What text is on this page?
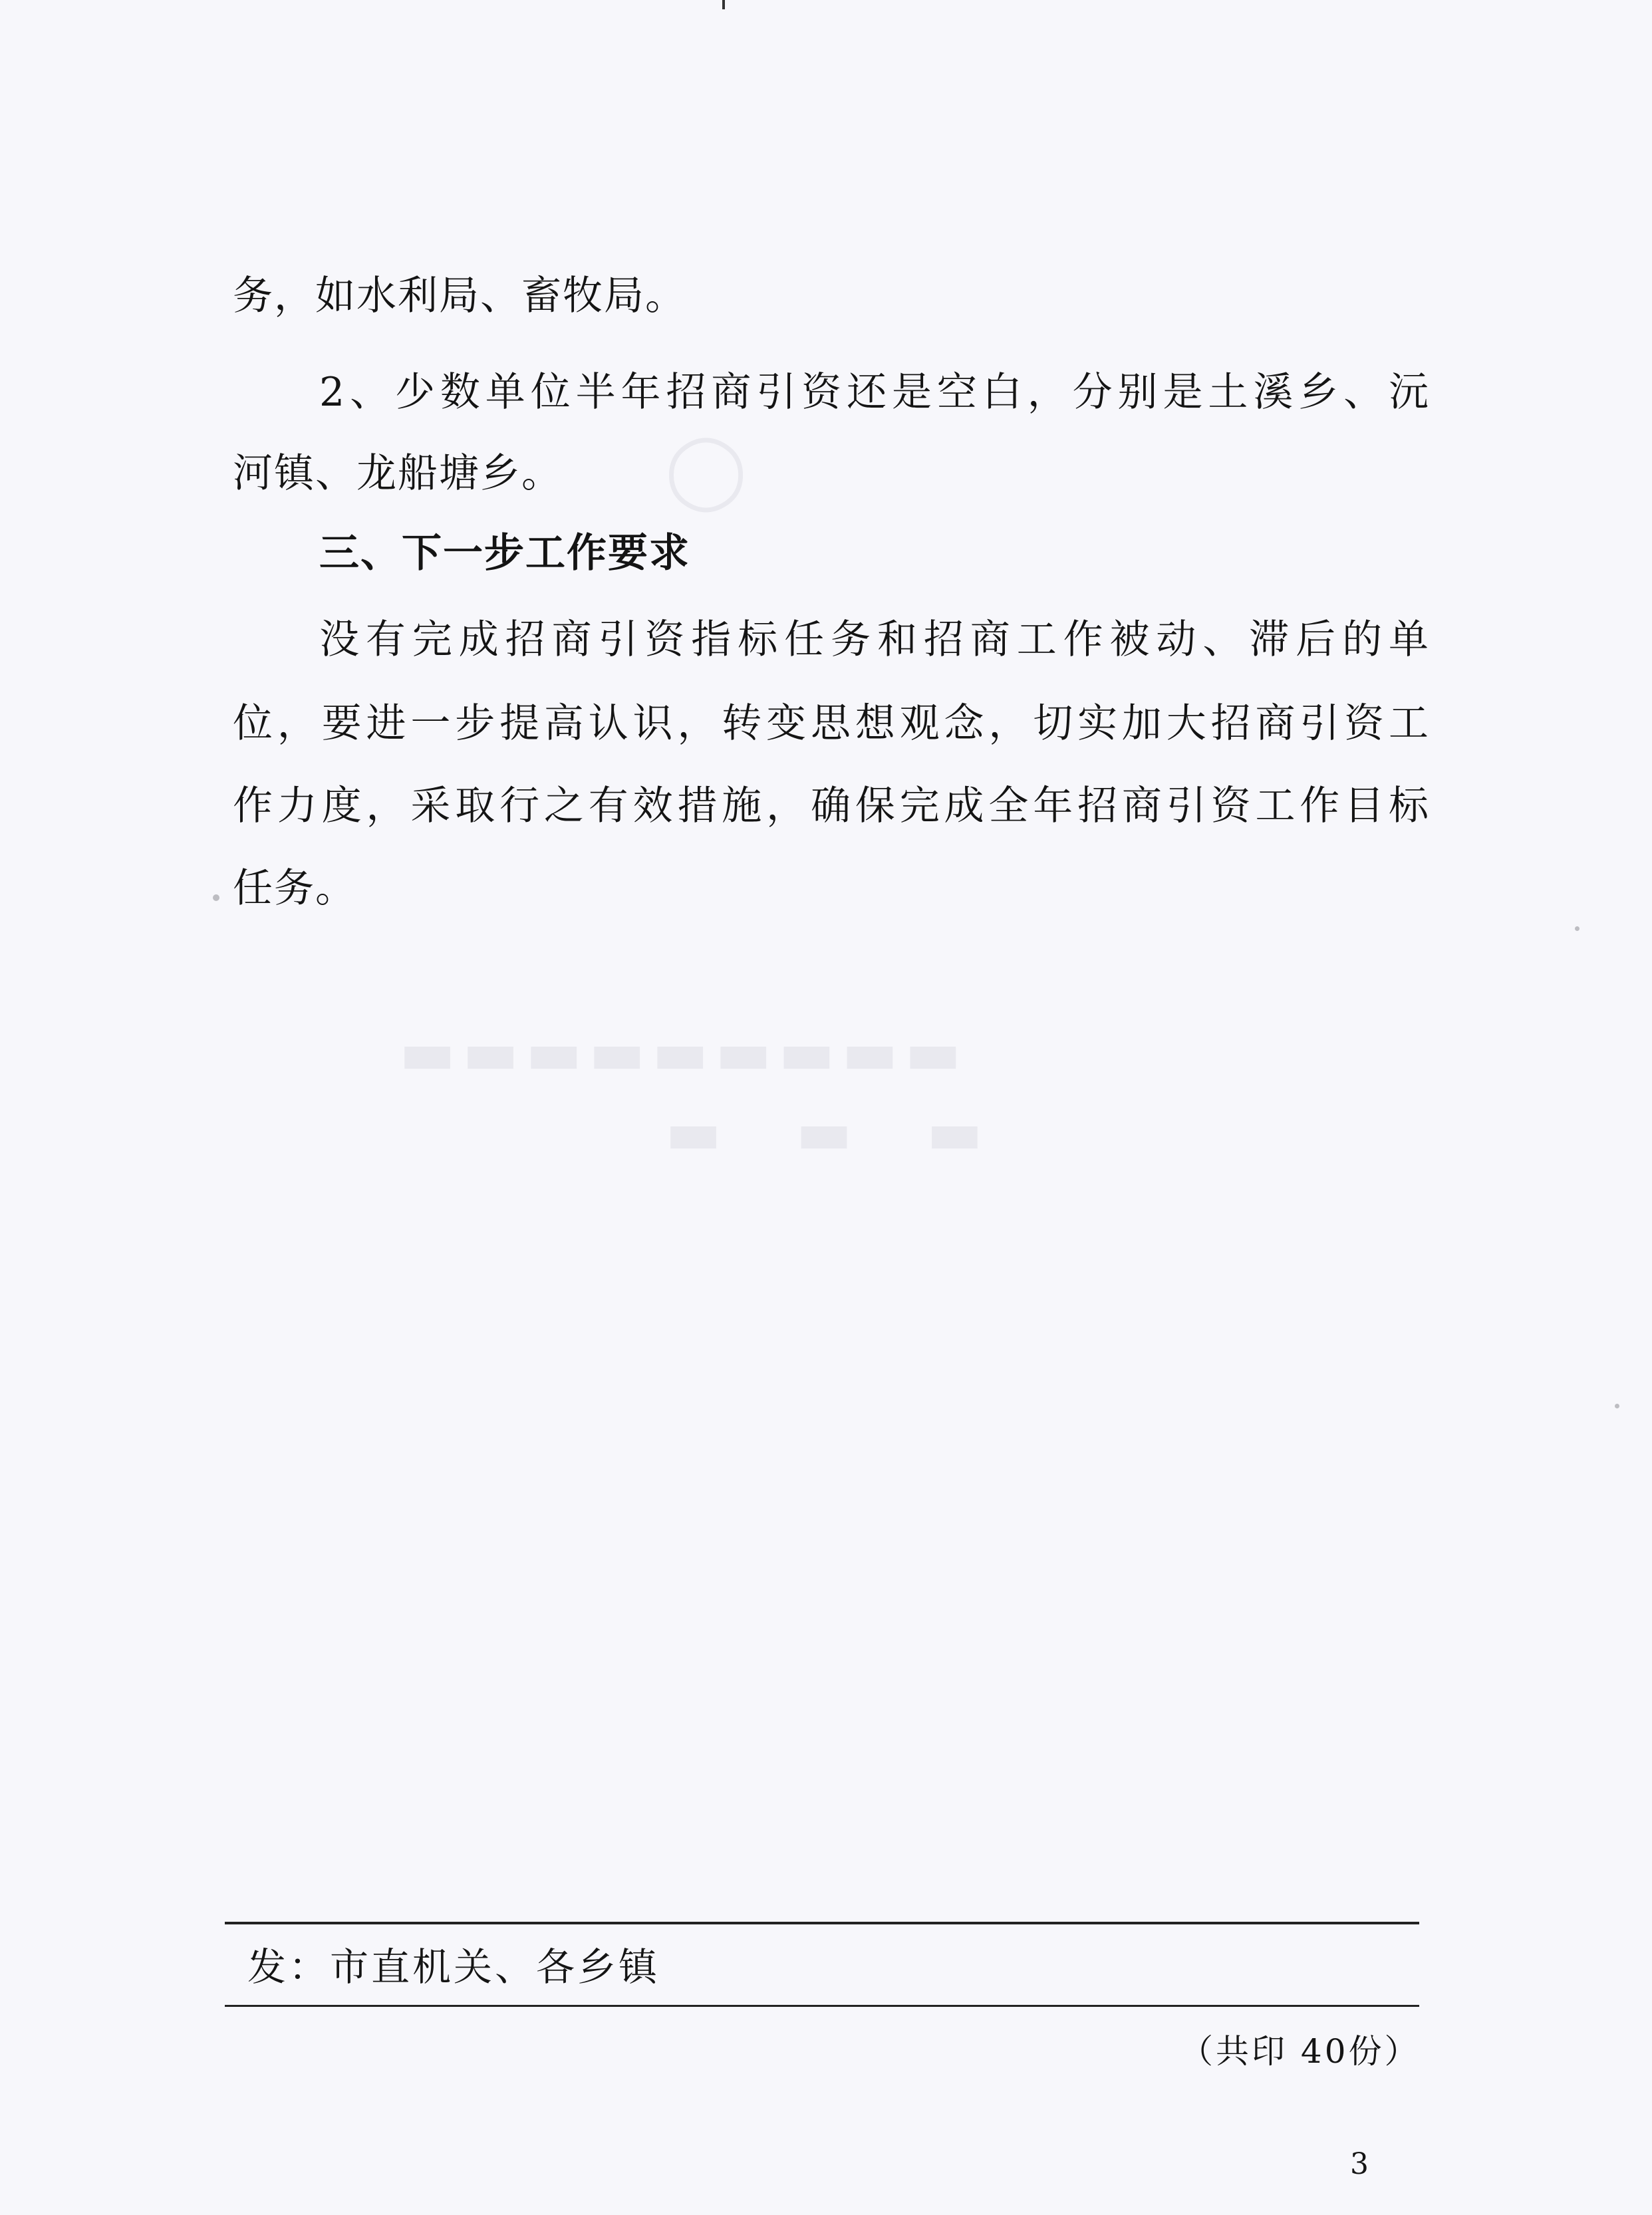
◯
▬▬▬▬▬▬▬▬▬
▬ ▬ ▬
务，如水利局、畜牧局。
2、少数单位半年招商引资还是空白，分别是土溪乡、沅
河镇、龙船塘乡。
三、下一步工作要求
没有完成招商引资指标任务和招商工作被动、滞后的单
位，要进一步提高认识，转变思想观念，切实加大招商引资工
作力度，采取行之有效措施，确保完成全年招商引资工作目标
任务。
发：市直机关、各乡镇
（共印 40份）
3
